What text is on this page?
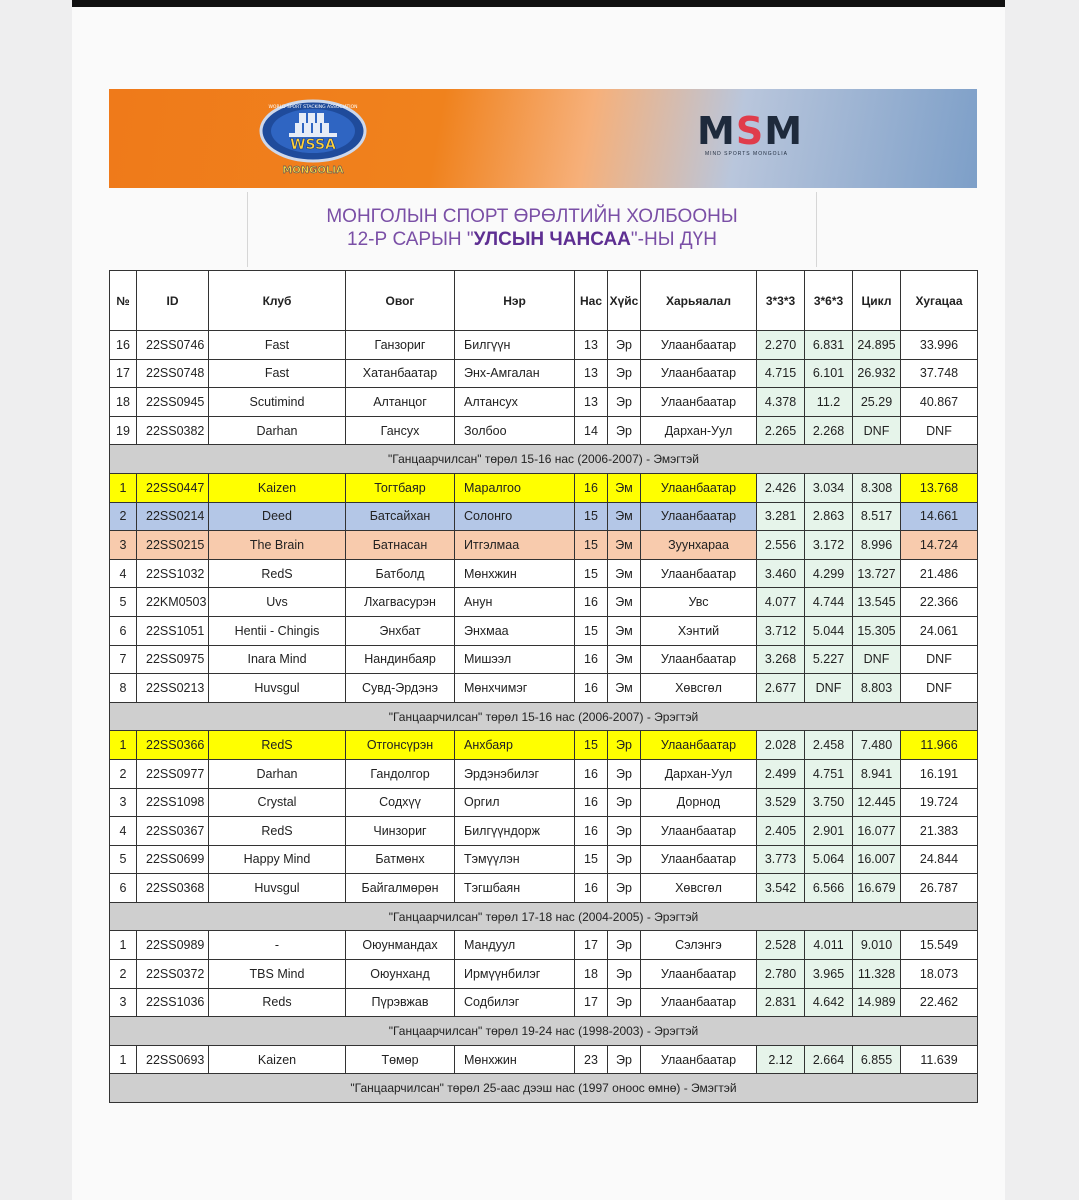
WSSA
MONGOLIA
WORLD SPORT STACKING ASSOCIATION
MSM
MIND SPORTS MONGOLIA
МОНГОЛЫН СПОРТ ӨРӨЛТИЙН ХОЛБООНЫ
12-Р САРЫН "УЛСЫН ЧАНСАА"-НЫ ДҮН
№	ID	Клуб	Овог	Нэр	Нас	Хүйс	Харьяалал	3*3*3	3*6*3	Цикл	Хугацаа
16	22SS0746	Fast	Ганзориг	Билгүүн	13	Эр	Улаанбаатар	2.270	6.831	24.895	33.996
17	22SS0748	Fast	Хатанбаатар	Энх-Амгалан	13	Эр	Улаанбаатар	4.715	6.101	26.932	37.748
18	22SS0945	Scutimind	Алтанцог	Алтансух	13	Эр	Улаанбаатар	4.378	11.2	25.29	40.867
19	22SS0382	Darhan	Гансух	Золбоо	14	Эр	Дархан-Уул	2.265	2.268	DNF	DNF
"Ганцаарчилсан" төрөл 15-16 нас (2006-2007) - Эмэгтэй											
1	22SS0447	Kaizen	Тогтбаяр	Маралгоо	16	Эм	Улаанбаатар	2.426	3.034	8.308	13.768
2	22SS0214	Deed	Батсайхан	Солонго	15	Эм	Улаанбаатар	3.281	2.863	8.517	14.661
3	22SS0215	The Brain	Батнасан	Итгэлмаа	15	Эм	Зуунхараа	2.556	3.172	8.996	14.724
4	22SS1032	RedS	Батболд	Мөнхжин	15	Эм	Улаанбаатар	3.460	4.299	13.727	21.486
5	22KM0503	Uvs	Лхагвасурэн	Анун	16	Эм	Увс	4.077	4.744	13.545	22.366
6	22SS1051	Hentii - Chingis	Энхбат	Энхмаа	15	Эм	Хэнтий	3.712	5.044	15.305	24.061
7	22SS0975	Inara Mind	Нандинбаяр	Мишээл	16	Эм	Улаанбаатар	3.268	5.227	DNF	DNF
8	22SS0213	Huvsgul	Сувд-Эрдэнэ	Мөнхчимэг	16	Эм	Хөвсгөл	2.677	DNF	8.803	DNF
"Ганцаарчилсан" төрөл 15-16 нас (2006-2007) - Эрэгтэй											
1	22SS0366	RedS	Отгонсүрэн	Анхбаяр	15	Эр	Улаанбаатар	2.028	2.458	7.480	11.966
2	22SS0977	Darhan	Гандолгор	Эрдэнэбилэг	16	Эр	Дархан-Уул	2.499	4.751	8.941	16.191
3	22SS1098	Crystal	Содхүү	Оргил	16	Эр	Дорнод	3.529	3.750	12.445	19.724
4	22SS0367	RedS	Чинзориг	Билгүүндорж	16	Эр	Улаанбаатар	2.405	2.901	16.077	21.383
5	22SS0699	Happy Mind	Батмөнх	Тэмүүлэн	15	Эр	Улаанбаатар	3.773	5.064	16.007	24.844
6	22SS0368	Huvsgul	Байгалмөрөн	Тэгшбаян	16	Эр	Хөвсгөл	3.542	6.566	16.679	26.787
"Ганцаарчилсан" төрөл 17-18 нас (2004-2005) - Эрэгтэй											
1	22SS0989	-	Оюунмандах	Мандуул	17	Эр	Сэлэнгэ	2.528	4.011	9.010	15.549
2	22SS0372	TBS Mind	Оюунханд	Ирмүүнбилэг	18	Эр	Улаанбаатар	2.780	3.965	11.328	18.073
3	22SS1036	Reds	Пүрэвжав	Содбилэг	17	Эр	Улаанбаатар	2.831	4.642	14.989	22.462
"Ганцаарчилсан" төрөл 19-24 нас (1998-2003) - Эрэгтэй											
1	22SS0693	Kaizen	Төмөр	Мөнхжин	23	Эр	Улаанбаатар	2.12	2.664	6.855	11.639
"Ганцаарчилсан" төрөл 25-аас дээш нас (1997 оноос өмнө) - Эмэгтэй											
